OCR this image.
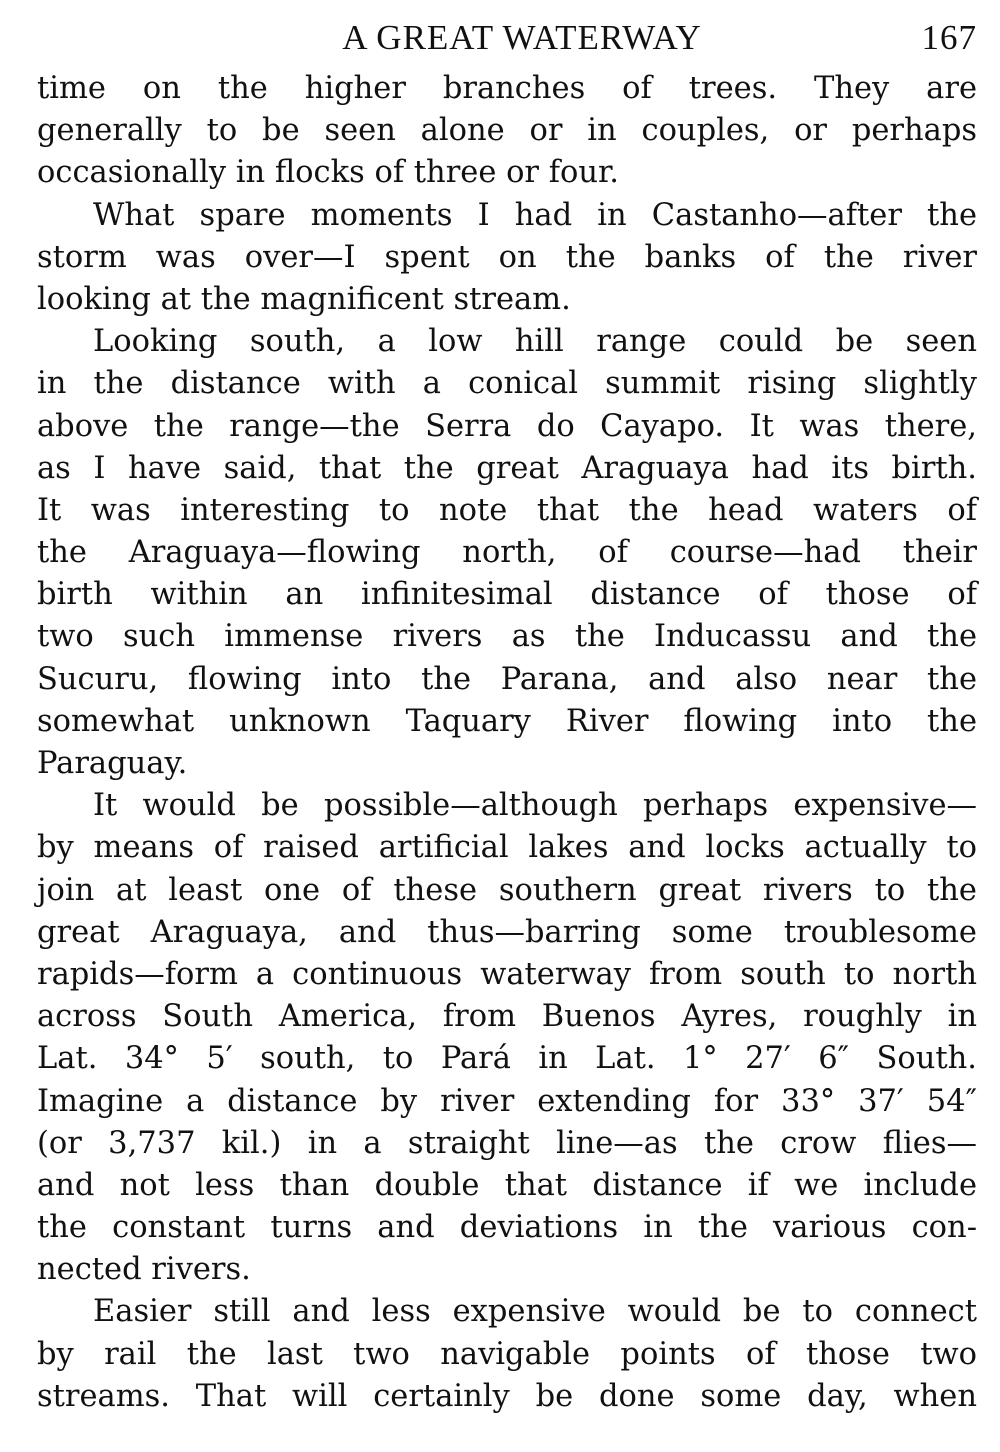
A GREAT WATERWAY	167
time on the higher branches of trees. They are
generally to be seen alone or in couples, or perhaps
occasionally in flocks of three or four.
What spare moments I had in Castanho—after the
storm was over—I spent on the banks of the river
looking at the magnificent stream.
Looking south, a low hill range could be seen
in the distance with a conical summit rising slightly
above the range—the Serra do Cayapo. It was there,
as I have said, that the great Araguaya had its birth.
It was interesting to note that the head waters of
the Araguaya—flowing north, of course—had their
birth within an infinitesimal distance of those of
two such immense rivers as the Inducassu and the
Sucuru, flowing into the Parana, and also near the
somewhat unknown Taquary River flowing into the
Paraguay.
It would be possible—although perhaps expensive—
by means of raised artificial lakes and locks actually to
join at least one of these southern great rivers to the
great Araguaya, and thus—barring some troublesome
rapids—form a continuous waterway from south to north
across South America, from Buenos Ayres, roughly in
Lat. 34° 5′ south, to Pará in Lat. 1° 27′ 6″ South.
Imagine a distance by river extending for 33° 37′ 54″
(or 3,737 kil.) in a straight line—as the crow flies—
and not less than double that distance if we include
the constant turns and deviations in the various con-
nected rivers.
Easier still and less expensive would be to connect
by rail the last two navigable points of those two
streams. That will certainly be done some day, when
